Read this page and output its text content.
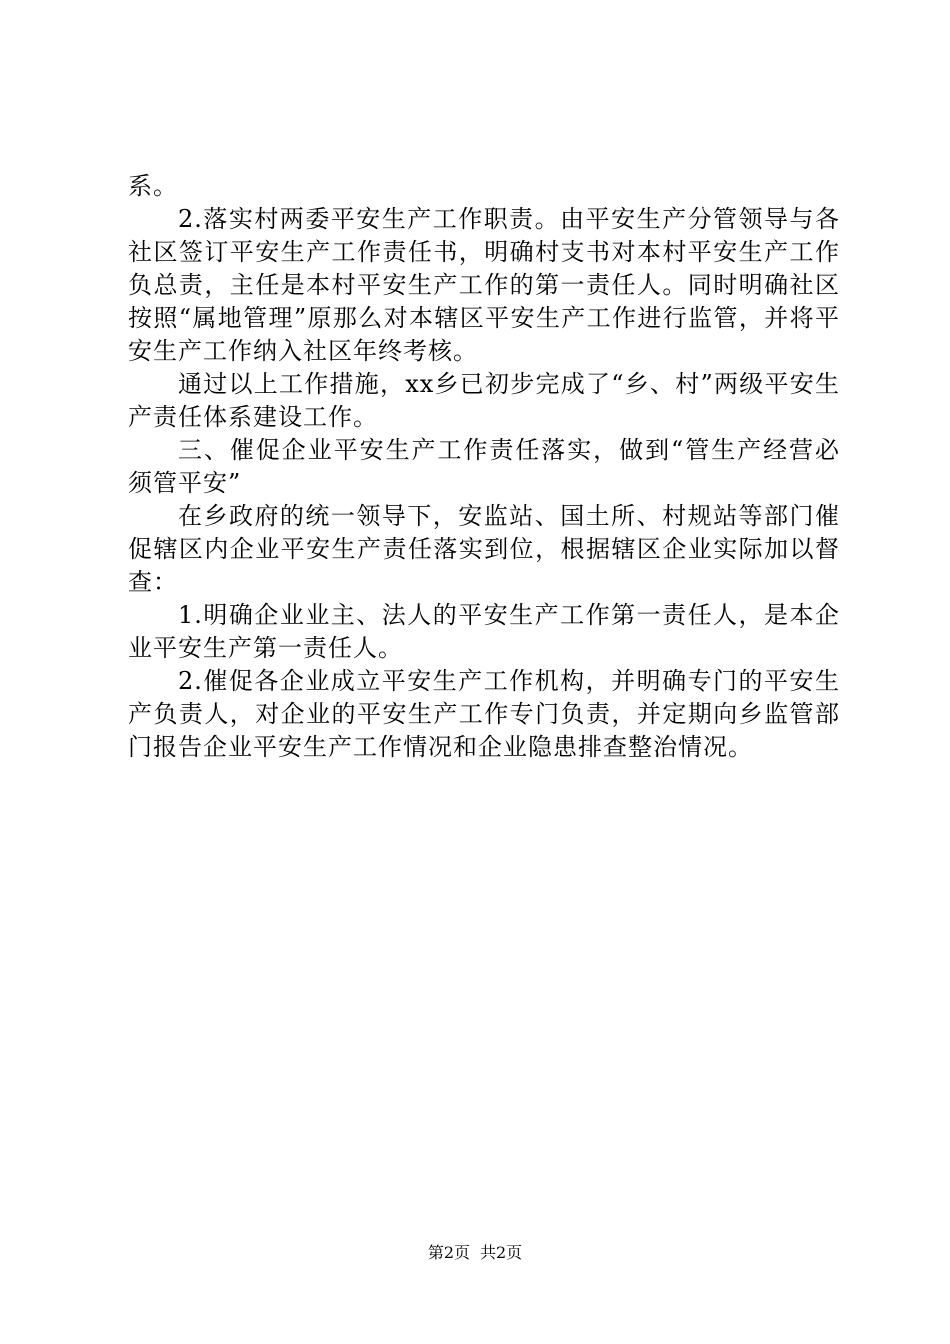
系。

2.落实村两委平安生产工作职责。由平安生产分管领导与各社区签订平安生产工作责任书，明确村支书对本村平安生产工作负总责，主任是本村平安生产工作的第一责任人。同时明确社区按照“属地管理”原那么对本辖区平安生产工作进行监管，并将平安生产工作纳入社区年终考核。

通过以上工作措施，xx乡已初步完成了“乡、村”两级平安生产责任体系建设工作。

三、催促企业平安生产工作责任落实，做到“管生产经营必须管平安”

在乡政府的统一领导下，安监站、国土所、村规站等部门催促辖区内企业平安生产责任落实到位，根据辖区企业实际加以督查：

1.明确企业业主、法人的平安生产工作第一责任人，是本企业平安生产第一责任人。

2.催促各企业成立平安生产工作机构，并明确专门的平安生产负责人，对企业的平安生产工作专门负责，并定期向乡监管部门报告企业平安生产工作情况和企业隐患排查整治情况。

第2页 共2页
